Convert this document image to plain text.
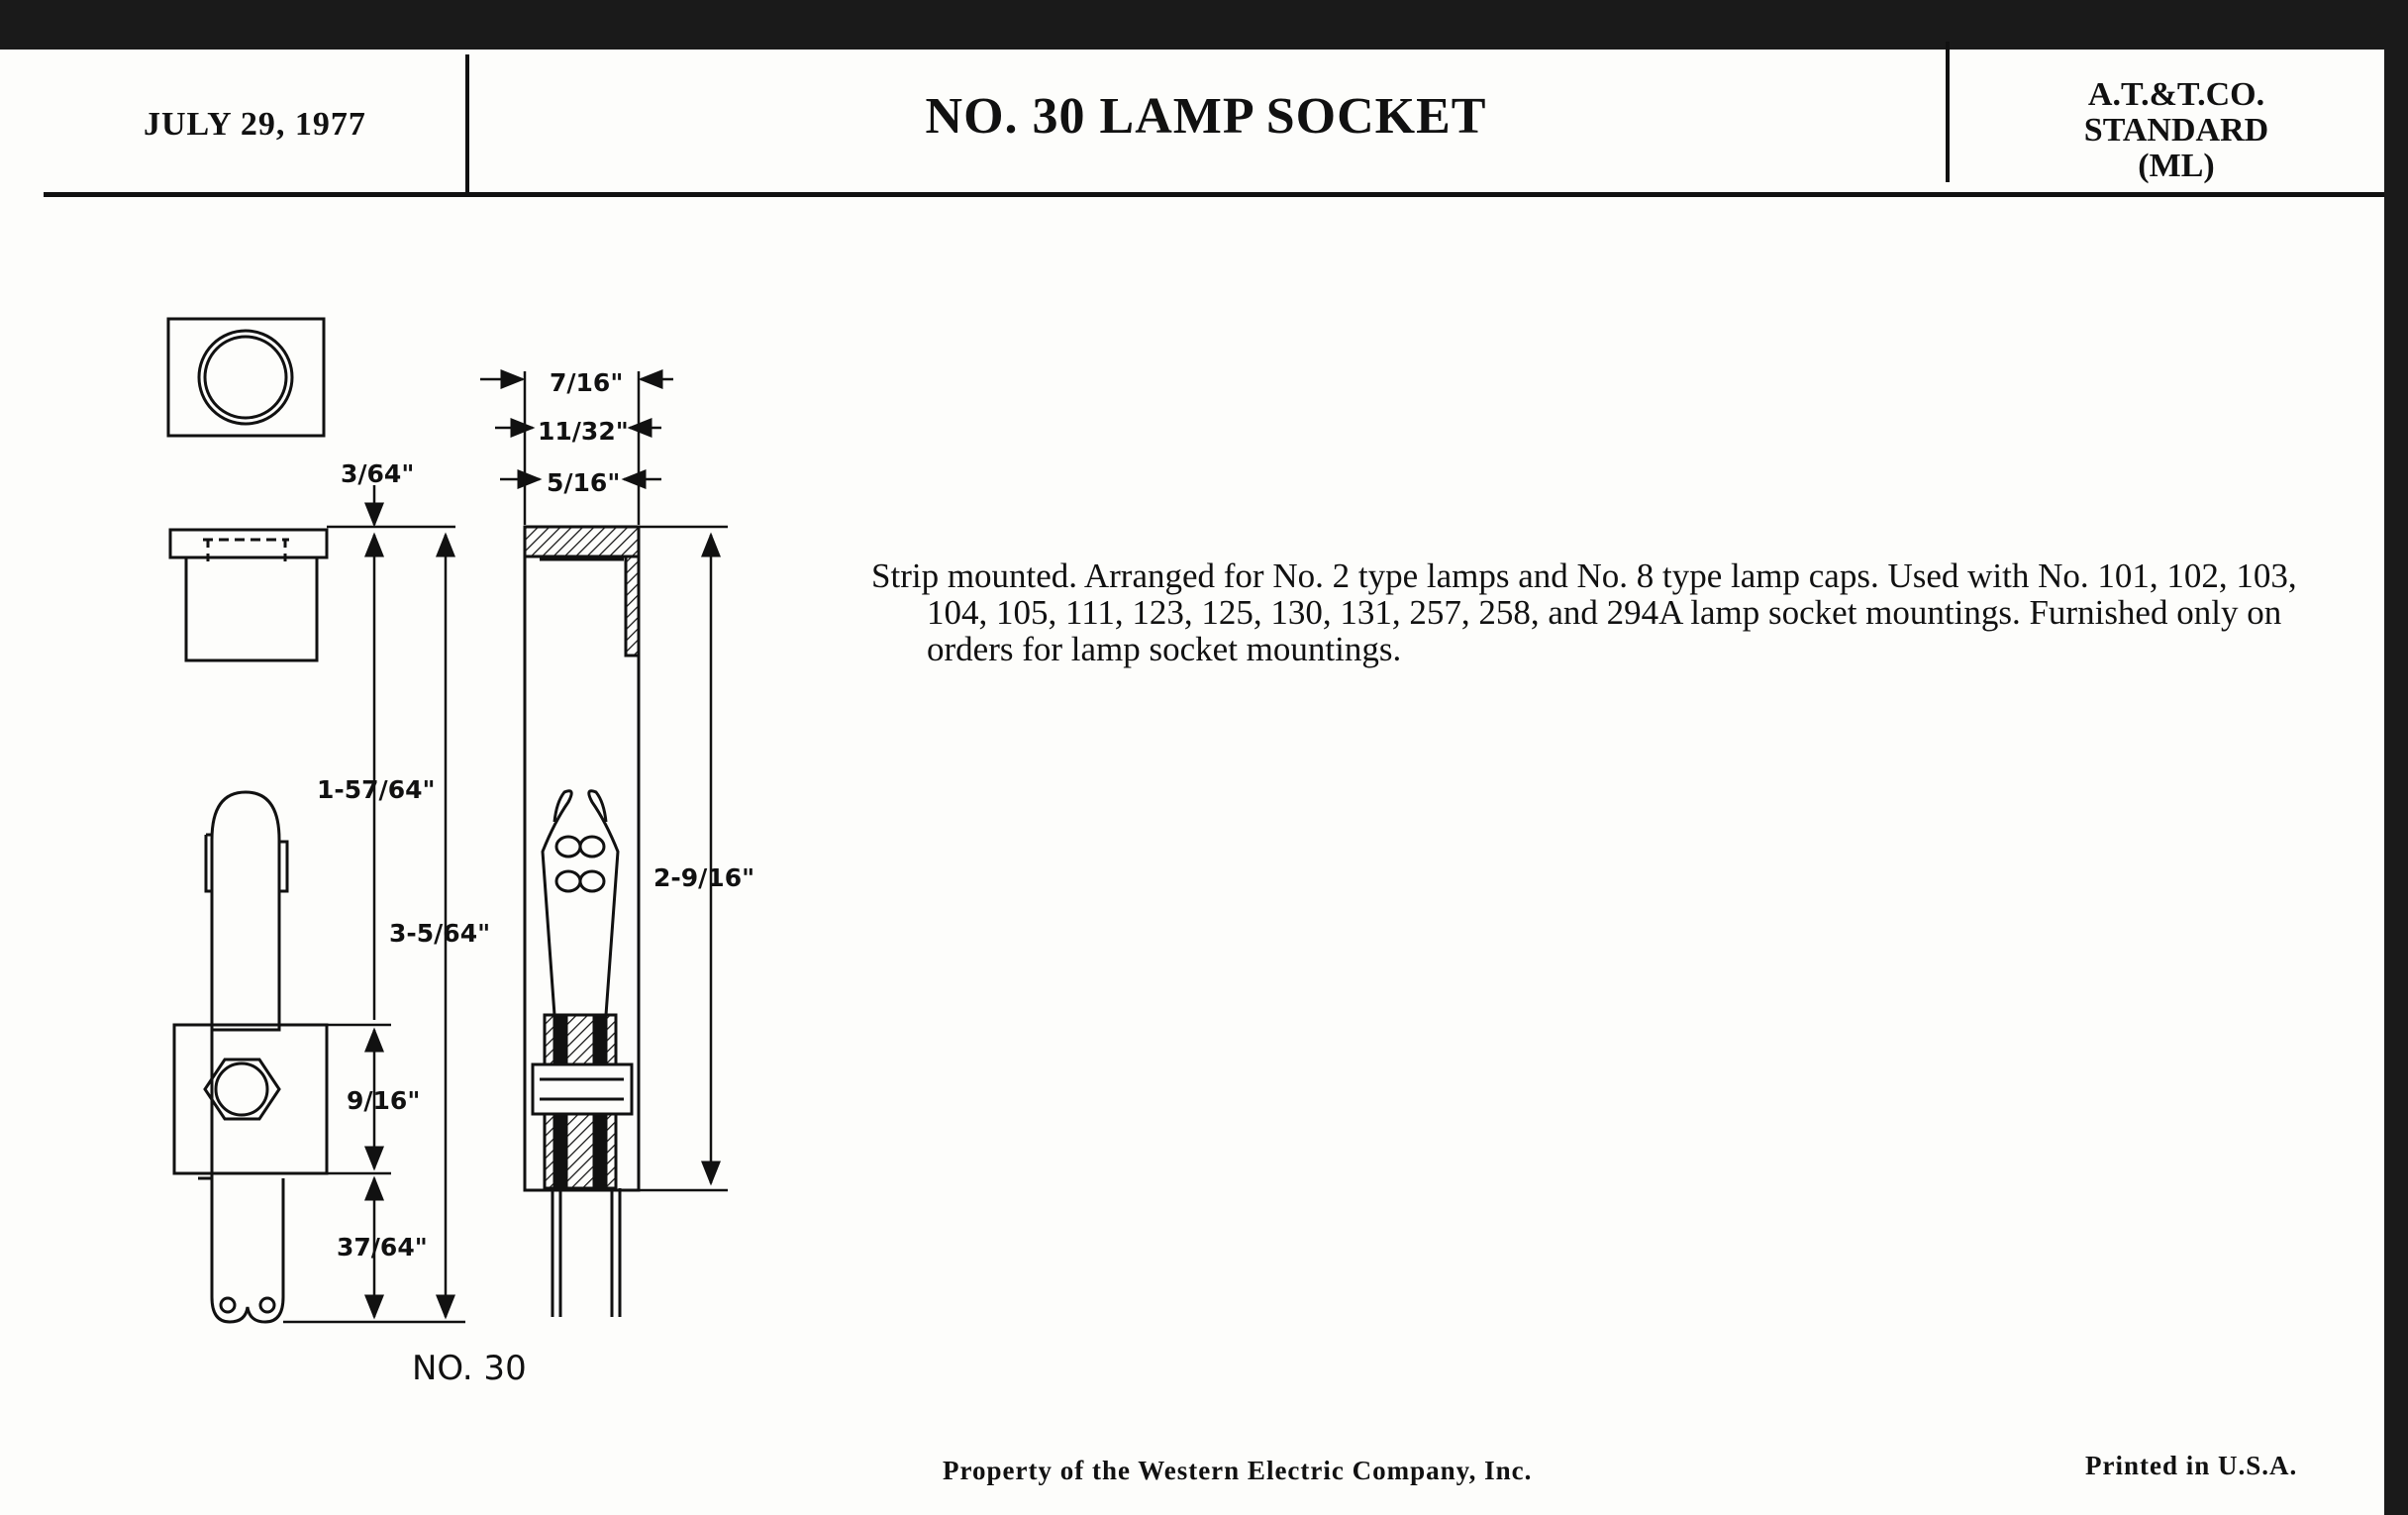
JULY 29, 1977	NO. 30 LAMP SOCKET	A.T.&T.CO.
STANDARD
(ML)
Strip mounted. Arranged for No. 2 type lamps and No. 8 type lamp caps. Used with No. 101, 102, 103, 104, 105, 111, 123, 125, 130, 131, 257, 258, and 294A lamp socket mountings. Furnished only on orders for lamp socket mountings.
Property of the Western Electric Company, Inc.	Printed in U.S.A.
7/16"
11/32"
5/16"
3/64"
1-57/64"
3-5/64"
9/16"
37/64"
2-9/16"
NO. 30
